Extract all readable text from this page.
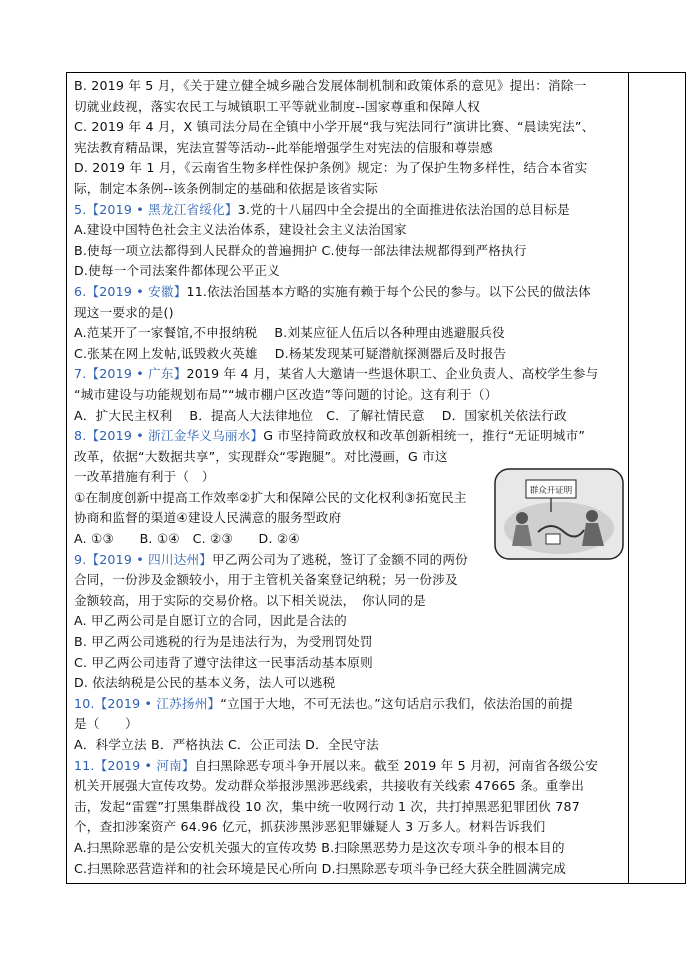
B. 2019 年 5 月，《关于建立健全城乡融合发展体制机制和政策体系的意见》提出：消除一
切就业歧视，落实农民工与城镇职工平等就业制度--国家尊重和保障人权
C. 2019 年 4 月，X 镇司法分局在全镇中小学开展“我与宪法同行”演讲比赛、“晨读宪法”、
宪法教育精品课，宪法宣誓等活动--此举能增强学生对宪法的信服和尊崇感
D. 2019 年 1 月，《云南省生物多样性保护条例》规定：为了保护生物多样性，结合本省实
际，制定本条例--该条例制定的基础和依据是该省实际
5.【2019 • 黑龙江省绥化】3.党的十八届四中全会提出的全面推进依法治国的总目标是
A.建设中国特色社会主义法治体系，建设社会主义法治国家
B.使每一项立法都得到人民群众的普遍拥护 C.使每一部法律法规都得到严格执行
D.使每一个司法案件都体现公平正义
6.【2019 • 安徽】11.依法治国基本方略的实施有赖于每个公民的参与。以下公民的做法体
现这一要求的是()
A.范某开了一家餐馆,不申报纳税　 B.刘某应征人伍后以各种理由逃避服兵役
C.张某在网上发帖,诋毁救火英雄　 D.杨某发现某可疑潜航探测器后及时报告
7.【2019 • 广东】2019 年 4 月，某省人大邀请一些退休职工、企业负责人、高校学生参与
“城市建设与功能规划布局”“城市棚户区改造”等问题的讨论。这有利于（）
A．扩大民主权利　 B．提高人大法律地位　C．了解社情民意　 D．国家机关依法行政
8.【2019 • 浙江金华义乌丽水】G 市坚持简政放权和改革创新相统一，推行“无证明城市”
改革，依据“大数据共享”，实现群众“零跑腿”。对比漫画，G 市这
一改革措施有利于（　）
①在制度创新中提高工作效率②扩大和保障公民的文化权利③拓宽民主
协商和监督的渠道④建设人民满意的服务型政府
A. ①③　　B. ①④　C. ②③　　D. ②④
9.【2019 • 四川达州】甲乙两公司为了逃税，签订了金额不同的两份
合同，一份涉及金额较小，用于主管机关备案登记纳税；另一份涉及
金额较高，用于实际的交易价格。以下相关说法，　你认同的是
A. 甲乙两公司是自愿订立的合同，因此是合法的
B. 甲乙两公司逃税的行为是违法行为，为受刑罚处罚
C. 甲乙两公司违背了遵守法律这一民事活动基本原则
D. 依法纳税是公民的基本义务，法人可以逃税
10.【2019 • 江苏扬州】“立国于大地，不可无法也。”这句话启示我们，依法治国的前提
是（　　）
A．科学立法 B．严格执法 C．公正司法 D．全民守法
11.【2019 • 河南】自扫黑除恶专项斗争开展以来。截至 2019 年 5 月初，河南省各级公安
机关开展强大宣传攻势。发动群众举报涉黑涉恶线索，共接收有关线索 47665 条。重拳出
击，发起“雷霆”打黑集群战役 10 次，集中统一收网行动 1 次，共打掉黑恶犯罪团伙 787
个，查扣涉案资产 64.96 亿元，抓获涉黑涉恶犯罪嫌疑人 3 万多人。材料告诉我们
A.扫黑除恶靠的是公安机关强大的宣传攻势 B.扫除黑恶势力是这次专项斗争的根本目的
C.扫黑除恶营造祥和的社会环境是民心所向 D.扫黑除恶专项斗争已经大获全胜圆满完成
群众开证明
